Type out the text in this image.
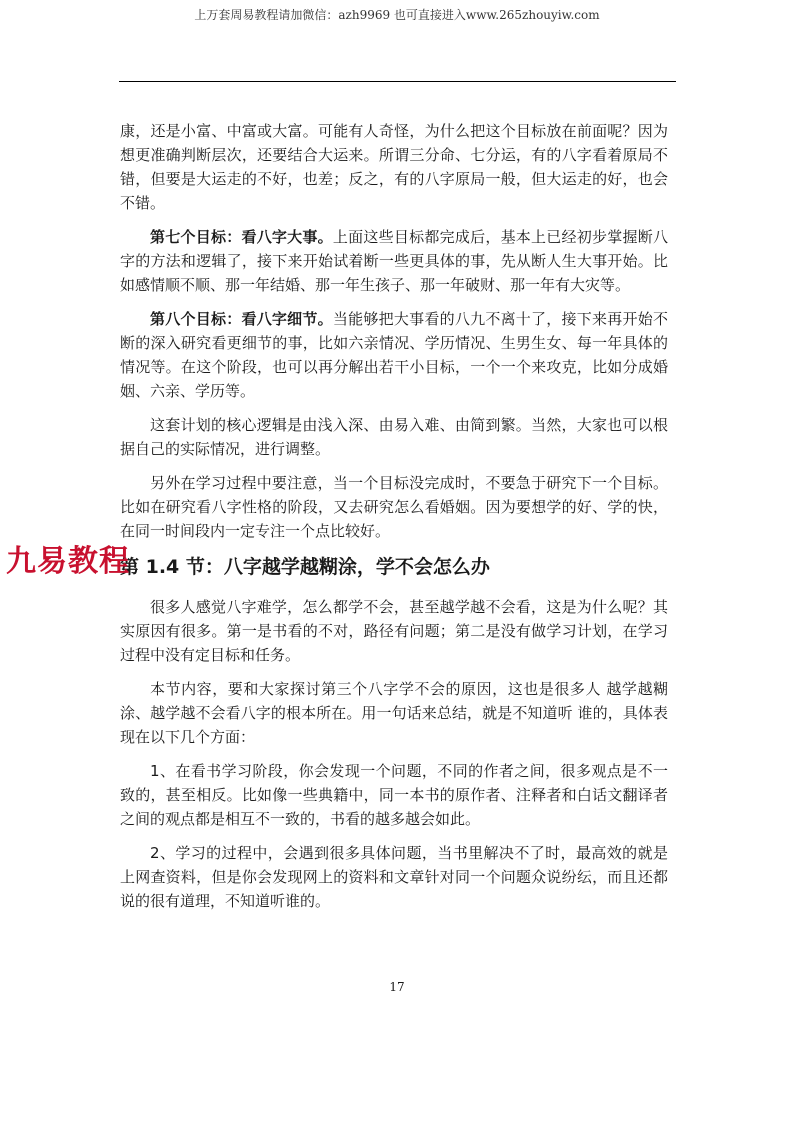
上万套周易教程请加微信：azh9969 也可直接进入www.265zhouyiw.com

康，还是小富、中富或大富。可能有人奇怪，为什么把这个目标放在前面呢？因为想更准确判断层次，还要结合大运来。所谓三分命、七分运，有的八字看着原局不错，但要是大运走的不好，也差；反之，有的八字原局一般，但大运走的好，也会不错。

第七个目标：看八字大事。上面这些目标都完成后，基本上已经初步掌握断八字的方法和逻辑了，接下来开始试着断一些更具体的事，先从断人生大事开始。比如感情顺不顺、那一年结婚、那一年生孩子、那一年破财、那一年有大灾等。

第八个目标：看八字细节。当能够把大事看的八九不离十了，接下来再开始不断的深入研究看更细节的事，比如六亲情况、学历情况、生男生女、每一年具体的情况等。在这个阶段，也可以再分解出若干小目标，一个一个来攻克，比如分成婚姻、六亲、学历等。

这套计划的核心逻辑是由浅入深、由易入难、由简到繁。当然，大家也可以根据自己的实际情况，进行调整。

另外在学习过程中要注意，当一个目标没完成时，不要急于研究下一个目标。比如在研究看八字性格的阶段，又去研究怎么看婚姻。因为要想学的好、学的快，在同一时间段内一定专注一个点比较好。

第 1.4 节：八字越学越糊涂，学不会怎么办

很多人感觉八字难学，怎么都学不会，甚至越学越不会看，这是为什么呢？其实原因有很多。第一是书看的不对，路径有问题；第二是没有做学习计划，在学习过程中没有定目标和任务。

本节内容，要和大家探讨第三个八字学不会的原因，这也是很多人 越学越糊涂、越学越不会看八字的根本所在。用一句话来总结，就是不知道听 谁的，具体表现在以下几个方面：

1、在看书学习阶段，你会发现一个问题，不同的作者之间，很多观点是不一致的，甚至相反。比如像一些典籍中，同一本书的原作者、注释者和白话文翻译者之间的观点都是相互不一致的，书看的越多越会如此。

2、学习的过程中，会遇到很多具体问题，当书里解决不了时，最高效的就是上网查资料，但是你会发现网上的资料和文章针对同一个问题众说纷纭，而且还都说的很有道理，不知道听谁的。

九易教程
17
